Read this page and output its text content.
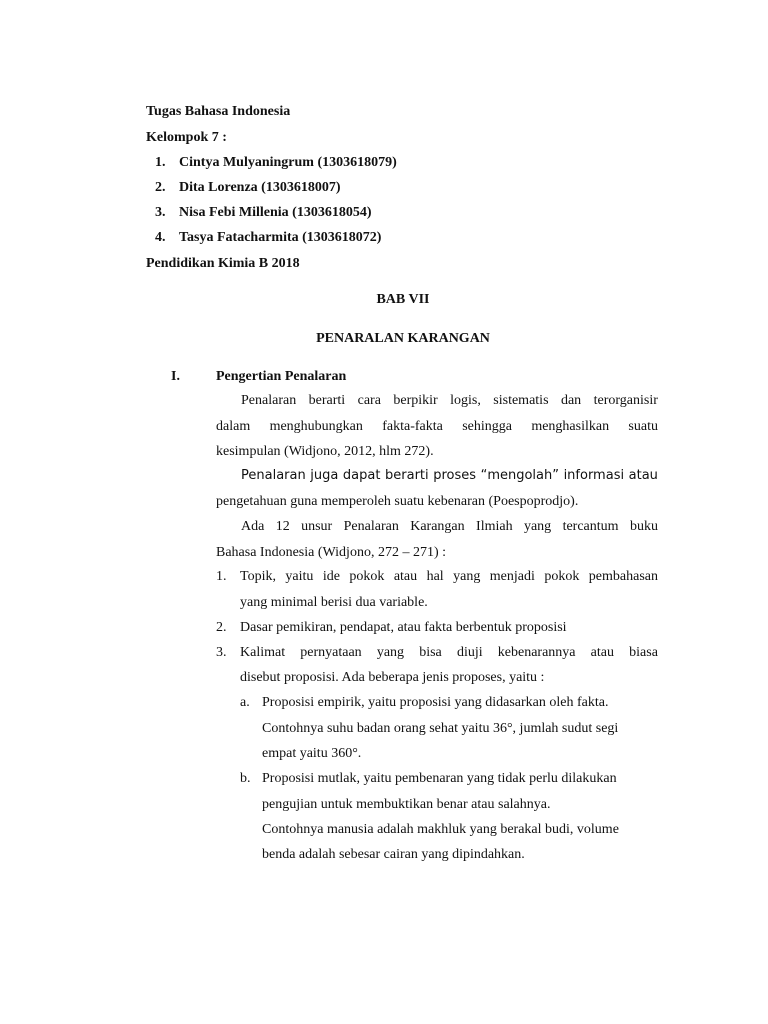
Tugas Bahasa Indonesia
Kelompok 7 :
1. Cintya Mulyaningrum (1303618079)
2. Dita Lorenza (1303618007)
3. Nisa Febi Millenia (1303618054)
4. Tasya Fatacharmita (1303618072)
Pendidikan Kimia B 2018
BAB VII
PENARALAN KARANGAN
I.	Pengertian Penalaran
Penalaran berarti cara berpikir logis, sistematis dan terorganisir
dalam menghubungkan fakta-fakta sehingga menghasilkan suatu
kesimpulan (Widjono, 2012, hlm 272).
Penalaran juga dapat berarti proses “mengolah” informasi atau
pengetahuan guna memperoleh suatu kebenaran (Poespoprodjo).
Ada 12 unsur Penalaran Karangan Ilmiah yang tercantum buku
Bahasa Indonesia (Widjono, 272 – 271) :
1. Topik, yaitu ide pokok atau hal yang menjadi pokok pembahasan
yang minimal berisi dua variable.
2. Dasar pemikiran, pendapat, atau fakta berbentuk proposisi
3. Kalimat pernyataan yang bisa diuji kebenarannya atau biasa
disebut proposisi. Ada beberapa jenis proposes, yaitu :
a. Proposisi empirik, yaitu proposisi yang didasarkan oleh fakta.
Contohnya suhu badan orang sehat yaitu 36°, jumlah sudut segi
empat yaitu 360°.
b. Proposisi mutlak, yaitu pembenaran yang tidak perlu dilakukan
pengujian untuk membuktikan benar atau salahnya.
Contohnya manusia adalah makhluk yang berakal budi, volume
benda adalah sebesar cairan yang dipindahkan.
